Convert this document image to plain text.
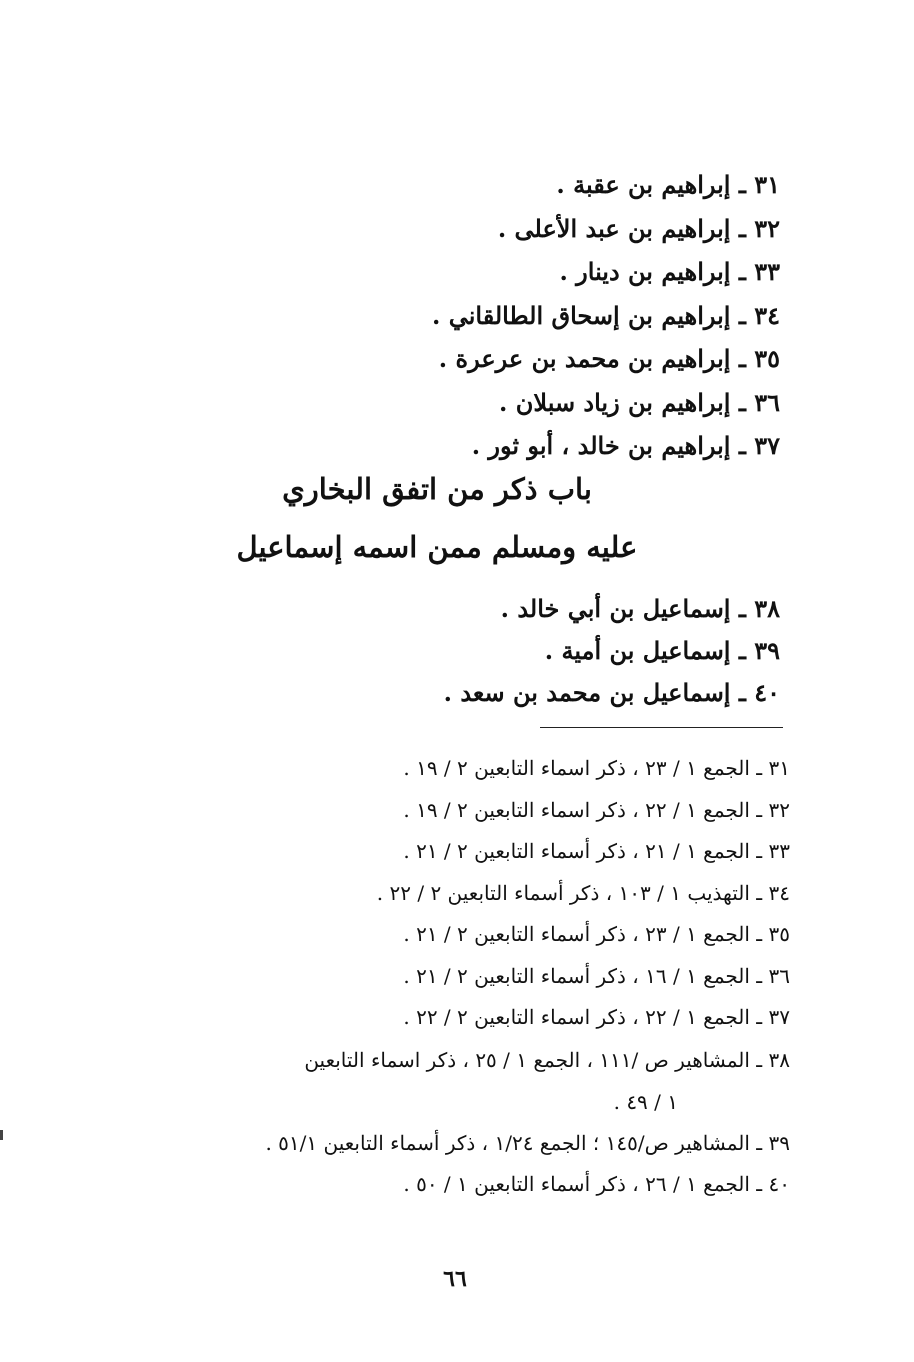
٣١ ـ إبراهيم بن عقبة .
٣٢ ـ إبراهيم بن عبد الأعلى .
٣٣ ـ إبراهيم بن دينار .
٣٤ ـ إبراهيم بن إسحاق الطالقاني .
٣٥ ـ إبراهيم بن محمد بن عرعرة .
٣٦ ـ إبراهيم بن زياد سبلان .
٣٧ ـ إبراهيم بن خالد ، أبو ثور .
باب ذكر من اتفق البخاري
عليه ومسلم ممن اسمه إسماعيل
٣٨ ـ إسماعيل بن أبي خالد .
٣٩ ـ إسماعيل بن أمية .
٤٠ ـ إسماعيل بن محمد بن سعد .
٣١ ـ الجمع ١ / ٢٣ ، ذكر اسماء التابعين ٢ / ١٩ .
٣٢ ـ الجمع ١ / ٢٢ ، ذكر اسماء التابعين ٢ / ١٩ .
٣٣ ـ الجمع ١ / ٢١ ، ذكر أسماء التابعين ٢ / ٢١ .
٣٤ ـ التهذيب ١ / ١٠٣ ، ذكر أسماء التابعين ٢ / ٢٢ .
٣٥ ـ الجمع ١ / ٢٣ ، ذكر أسماء التابعين ٢ / ٢١ .
٣٦ ـ الجمع ١ / ١٦ ، ذكر أسماء التابعين ٢ / ٢١ .
٣٧ ـ الجمع ١ / ٢٢ ، ذكر اسماء التابعين ٢ / ٢٢ .
٣٨ ـ المشاهير ص /١١١ ، الجمع ١ / ٢٥ ، ذكر اسماء التابعين
١ / ٤٩ .
٣٩ ـ المشاهير ص/١٤٥ ؛ الجمع ١/٢٤ ، ذكر أسماء التابعين ٥١/١ .
٤٠ ـ الجمع ١ / ٢٦ ، ذكر أسماء التابعين ١ / ٥٠ .
٦٦
